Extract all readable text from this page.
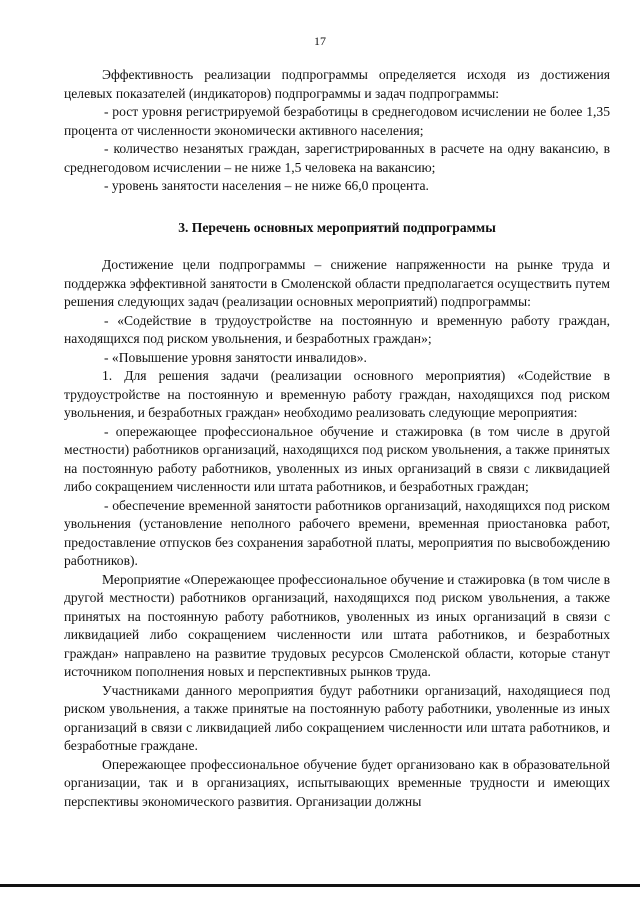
17

Эффективность реализации подпрограммы определяется исходя из достижения целевых показателей (индикаторов) подпрограммы и задач подпрограммы:

- рост уровня регистрируемой безработицы в среднегодовом исчислении не более 1,35 процента от численности экономически активного населения;

- количество незанятых граждан, зарегистрированных в расчете на одну вакансию, в среднегодовом исчислении – не ниже 1,5 человека на вакансию;

- уровень занятости населения – не ниже 66,0 процента.

3. Перечень основных мероприятий подпрограммы

Достижение цели подпрограммы – снижение напряженности на рынке труда и поддержка эффективной занятости в Смоленской области предполагается осуществить путем решения следующих задач (реализации основных мероприятий) подпрограммы:

- «Содействие в трудоустройстве на постоянную и временную работу граждан, находящихся под риском увольнения, и безработных граждан»;

- «Повышение уровня занятости инвалидов».

1. Для решения задачи (реализации основного мероприятия) «Содействие в трудоустройстве на постоянную и временную работу граждан, находящихся под риском увольнения, и безработных граждан» необходимо реализовать следующие мероприятия:

- опережающее профессиональное обучение и стажировка (в том числе в другой местности) работников организаций, находящихся под риском увольнения, а также принятых на постоянную работу работников, уволенных из иных организаций в связи с ликвидацией либо сокращением численности или штата работников, и безработных граждан;

- обеспечение временной занятости работников организаций, находящихся под риском увольнения (установление неполного рабочего времени, временная приостановка работ, предоставление отпусков без сохранения заработной платы, мероприятия по высвобождению работников).

Мероприятие «Опережающее профессиональное обучение и стажировка (в том числе в другой местности) работников организаций, находящихся под риском увольнения, а также принятых на постоянную работу работников, уволенных из иных организаций в связи с ликвидацией либо сокращением численности или штата работников, и безработных граждан» направлено на развитие трудовых ресурсов Смоленской области, которые станут источником пополнения новых и перспективных рынков труда.

Участниками данного мероприятия будут работники организаций, находящиеся под риском увольнения, а также принятые на постоянную работу работники, уволенные из иных организаций в связи с ликвидацией либо сокращением численности или штата работников, и безработные граждане.

Опережающее профессиональное обучение будет организовано как в образовательной организации, так и в организациях, испытывающих временные трудности и имеющих перспективы экономического развития. Организации должны
